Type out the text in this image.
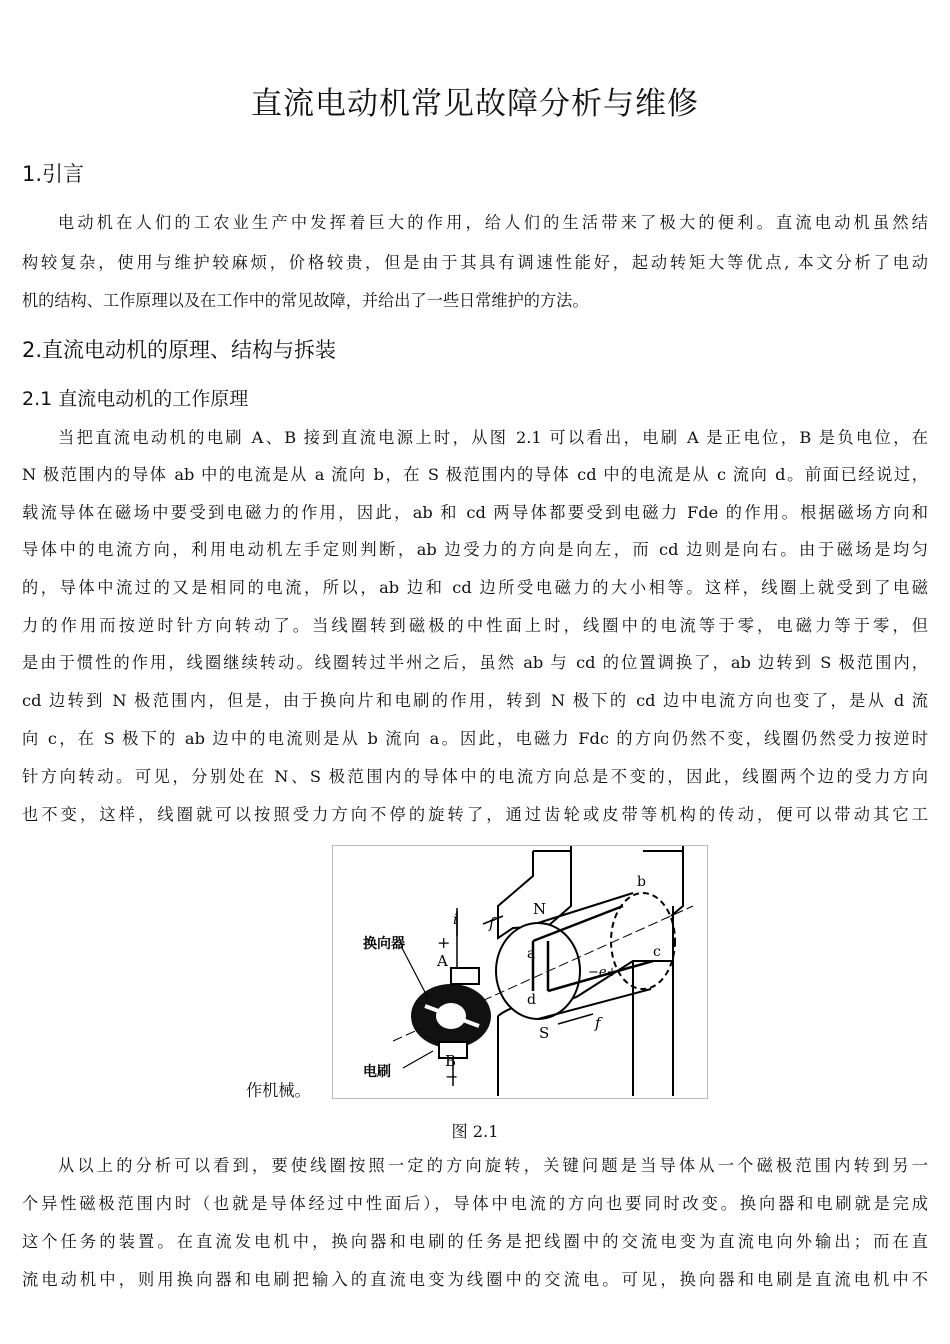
直流电动机常见故障分析与维修
1.引言

电动机在人们的工农业生产中发挥着巨大的作用，给人们的生活带来了极大的便利。直流电动机虽然结

构较复杂，使用与维护较麻烦，价格较贵，但是由于其具有调速性能好，起动转矩大等优点, 本文分析了电动

机的结构、工作原理以及在工作中的常见故障，并给出了一些日常维护的方法。

2.直流电动机的原理、结构与拆装
2.1 直流电动机的工作原理

当把直流电动机的电刷 A、B 接到直流电源上时，从图 2.1 可以看出，电刷 A 是正电位，B 是负电位，在

N 极范围内的导体 ab 中的电流是从 a 流向 b，在 S 极范围内的导体 cd 中的电流是从 c 流向 d。前面已经说过，

载流导体在磁场中要受到电磁力的作用，因此，ab 和 cd 两导体都要受到电磁力 Fde 的作用。根据磁场方向和

导体中的电流方向，利用电动机左手定则判断，ab 边受力的方向是向左，而 cd 边则是向右。由于磁场是均匀

的，导体中流过的又是相同的电流，所以，ab 边和 cd 边所受电磁力的大小相等。这样，线圈上就受到了电磁

力的作用而按逆时针方向转动了。当线圈转到磁极的中性面上时，线圈中的电流等于零，电磁力等于零，但

是由于惯性的作用，线圈继续转动。线圈转过半州之后，虽然 ab 与 cd 的位置调换了，ab 边转到 S 极范围内，

cd 边转到 N 极范围内，但是，由于换向片和电刷的作用，转到 N 极下的 cd 边中电流方向也变了，是从 d 流

向 c，在 S 极下的 ab 边中的电流则是从 b 流向 a。因此，电磁力 Fdc 的方向仍然不变，线圈仍然受力按逆时

针方向转动。可见，分别处在 N、S 极范围内的导体中的电流方向总是不变的，因此，线圈两个边的受力方向

也不变，这样，线圈就可以按照受力方向不停的旋转了，通过齿轮或皮带等机构的传动，便可以带动其它工

作机械。
换向器
电刷
i
+
A
B
−
N
S
f
f
a
b
c
d
−e+
图 2.1

从以上的分析可以看到，要使线圈按照一定的方向旋转，关键问题是当导体从一个磁极范围内转到另一

个异性磁极范围内时（也就是导体经过中性面后），导体中电流的方向也要同时改变。换向器和电刷就是完成

这个任务的装置。在直流发电机中，换向器和电刷的任务是把线圈中的交流电变为直流电向外输出；而在直

流电动机中，则用换向器和电刷把输入的直流电变为线圈中的交流电。可见，换向器和电刷是直流电机中不
